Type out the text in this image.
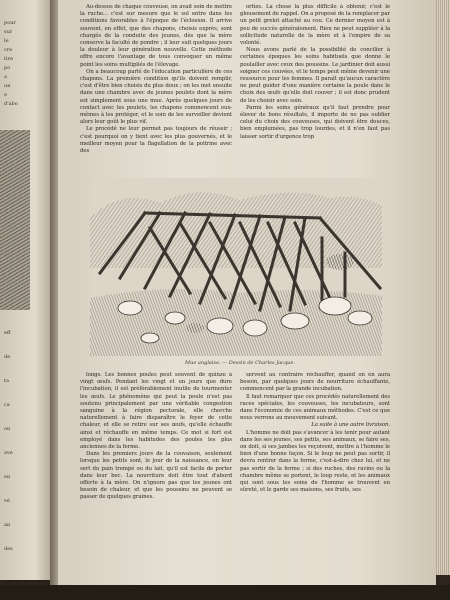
pour
sur
le
cre
tire
po
a
un
e
d'abo
eff
de
ta
ca
on
ave
en
vé
an
des

Au-dessus de chaque couveuse, on avait soin de mettre la ruche... c'est sur mesure que le sol entre dans les conditions favorables à l'époque de l'éclosion. Il arrive souvent, en effet, que des chapons, choisis exprès, sont chargés de la conduite des jeunes, dès que la mère conserve la faculté de pondre ; il leur suit quelques jours la douleur à leur génération nouvelle. Cette méthode offre encore l'avantage de tous convoquer un même point les soins multipliés de l'élevage.

On a beaucoup parlé de l'éducation particulière de ces chapons. La première condition qu'ils doivent remplir, c'est d'être bien choisis du plus doux ; on les met ensuite dans une chambre avec de jeunes poulets dont la mère est simplement sous une mue. Après quelques jours de contact avec les poulets, les chapons commencent eux-mêmes à les protéger, et le soin de les surveiller devient alors leur goût le plus vif.

Le procédé ne leur permet pas toujours de réussir ; c'est pourquoi on y tient avec les plus gouvernés, et le meilleur moyen pour la flagellation de la poitrine avec des

orties. La chose la plus difficile à obtenir, c'est le glousement de rappel. On a proposé de la remplacer par un petit grelot attaché au cou. Ce dernier moyen est à peu de succès généralement. Rien ne peut suppléer à la sollicitude naturelle de la mère et à l'empire de sa volonté.

Nous avons parlé de la possibilité de concilier à certaines époques les soins habituels que donne le poulailler avec ceux des poussins. Le jardinier doit aussi soigner ces couvées, et le temps peut même devenir une ressource pour les femmes. Il paraît qu'aucun caractère ne peut guider d'une manière certaine la poule dans le choix des œufs qu'elle doit couver ; il est donc prudent de les choisir avec soin.

Parmi les soins généraux qu'il faut prendre pour élever de bons résultats, il importe de ne pas oublier celui du choix des couveuses, qui doivent être douces, bien emplumées, pas trop lourdes, et il n'en faut pas laisser sortir d'urgence trop

Mue anglaise. — Dessin de Charles Jacque.

longs. Les bonnes poules peut souvent de quinze à vingt œufs. Pendant les vingt et un jours que dure l'incubation, il est préférablement inutile de tourmenter les œufs. Le phénomène qui peut la poule n'est pas soutenu principalement par une véritable congestion sanguine à la région pectorale, elle cherche naturellement à faire disparaître le foyer de cette chaleur, et elle se retire sur ses œufs, qu'elle échauffe ainsi et réchauffe en même temps. Ce mot si fort est employé dans les habitudes des poules les plus anciennes de la ferme.

Dans les premiers jours de la couvaison, seulement lorsque les petits sont, le jour de la naissance, on leur sert du pain trempé ou du lait, qu'il est facile de porter dans leur bec. La nourriture doit être tout d'abord offerte à la mère. On n'ignore pas que les jeunes ont besoin de chaleur, et que les poussins ne peuvent se passer de quelques graines.

servent au contraire réchauffer, quand on en aura besoin, par quelques jours de nourriture échauffante, commencent par la grande incubation.

Il faut remarquer que ces procédés naturellement des races spéciales, les couveuses, les incubateurs, sont dans l'économie de ces animaux méthodes. C'est ce que nous verrons au mouvement suivant.

La suite à une autre livraison.

L'homme ne doit pas s'avancer à les tenir pour autant dans les ses jeunes, ses petits, ses animaux, se faire ses, on doit, si ses jambes les reçoivent, mettre à l'homme le bien d'une bonne façon. Si le loup ne peut pas sortir, il devra rentrer dans la ferme, c'est-à-dire chez lui, et ne pas sortir de la ferme ; si des ruches, des ravins ou la chambre même se portent, le loup reste, et les animaux qui sont sous les soins de l'homme se trouvent en sûreté, et le garde ses maisons, ses fruits, ses
